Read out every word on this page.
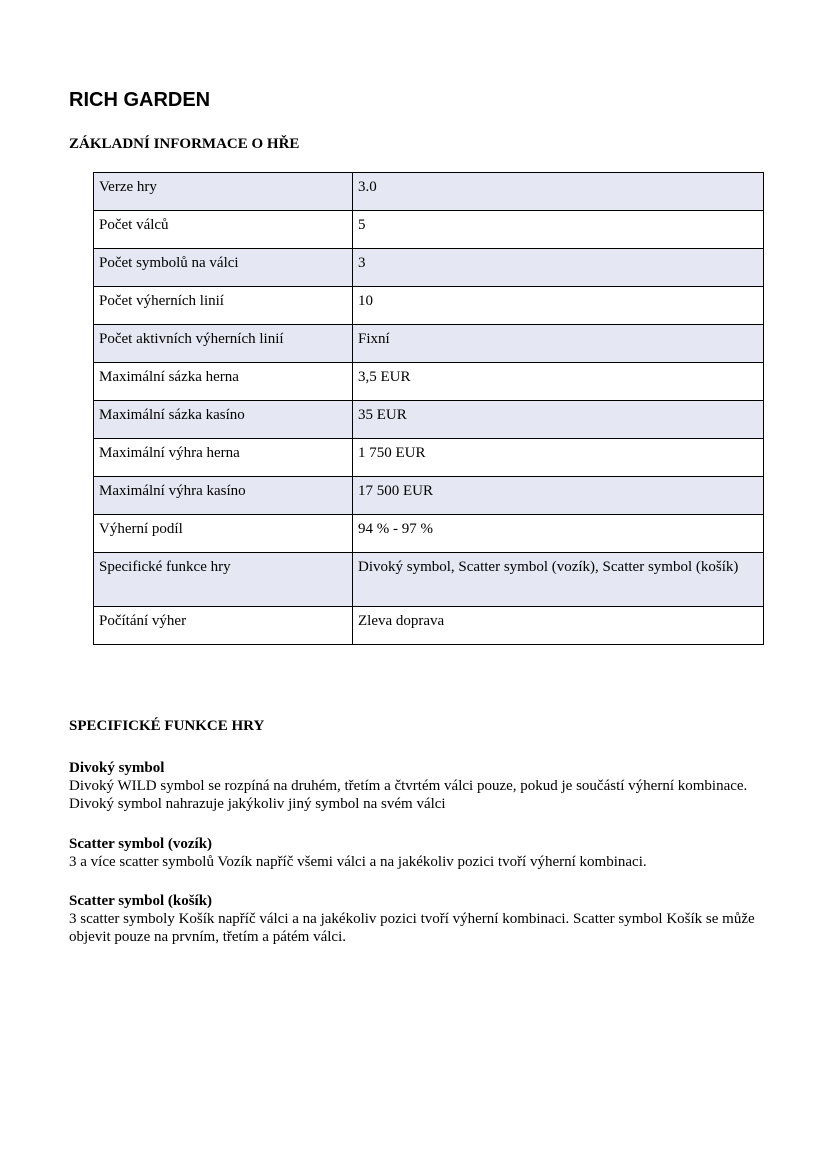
RICH GARDEN
ZÁKLADNÍ INFORMACE O HŘE
Verze hry	3.0
Počet válců	5
Počet symbolů na válci	3
Počet výherních linií	10
Počet aktivních výherních linií	Fixní
Maximální sázka herna	3,5 EUR
Maximální sázka kasíno	35 EUR
Maximální výhra herna	1 750 EUR
Maximální výhra kasíno	17 500 EUR
Výherní podíl	94 % - 97 %
Specifické funkce hry	Divoký symbol, Scatter symbol (vozík), Scatter symbol (košík)
Počítání výher	Zleva doprava
SPECIFICKÉ FUNKCE HRY
Divoký symbol
Divoký WILD symbol se rozpíná na druhém, třetím a čtvrtém válci pouze, pokud je součástí výherní kombinace. Divoký symbol nahrazuje jakýkoliv jiný symbol na svém válci
Scatter symbol (vozík)
3 a více scatter symbolů Vozík napříč všemi válci a na jakékoliv pozici tvoří výherní kombinaci.
Scatter symbol (košík)
3 scatter symboly Košík napříč válci a na jakékoliv pozici tvoří výherní kombinaci. Scatter symbol Košík se může objevit pouze na prvním, třetím a pátém válci.
